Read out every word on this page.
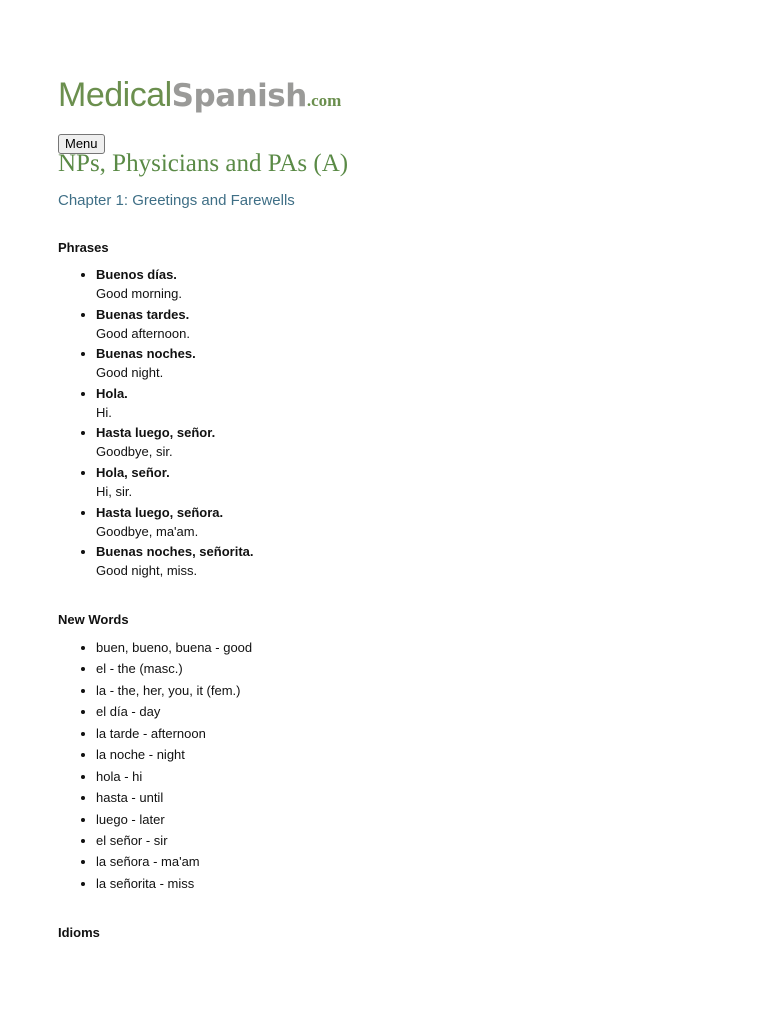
MedicalSpanish.com
Menu
NPs, Physicians and PAs (A)
Chapter 1: Greetings and Farewells
Phrases
• Buenos días.
Good morning.
• Buenas tardes.
Good afternoon.
• Buenas noches.
Good night.
• Hola.
Hi.
• Hasta luego, señor.
Goodbye, sir.
• Hola, señor.
Hi, sir.
• Hasta luego, señora.
Goodbye, ma'am.
• Buenas noches, señorita.
Good night, miss.
New Words
• buen, bueno, buena - good
• el - the (masc.)
• la - the, her, you, it (fem.)
• el día - day
• la tarde - afternoon
• la noche - night
• hola - hi
• hasta - until
• luego - later
• el señor - sir
• la señora - ma'am
• la señorita - miss
Idioms
